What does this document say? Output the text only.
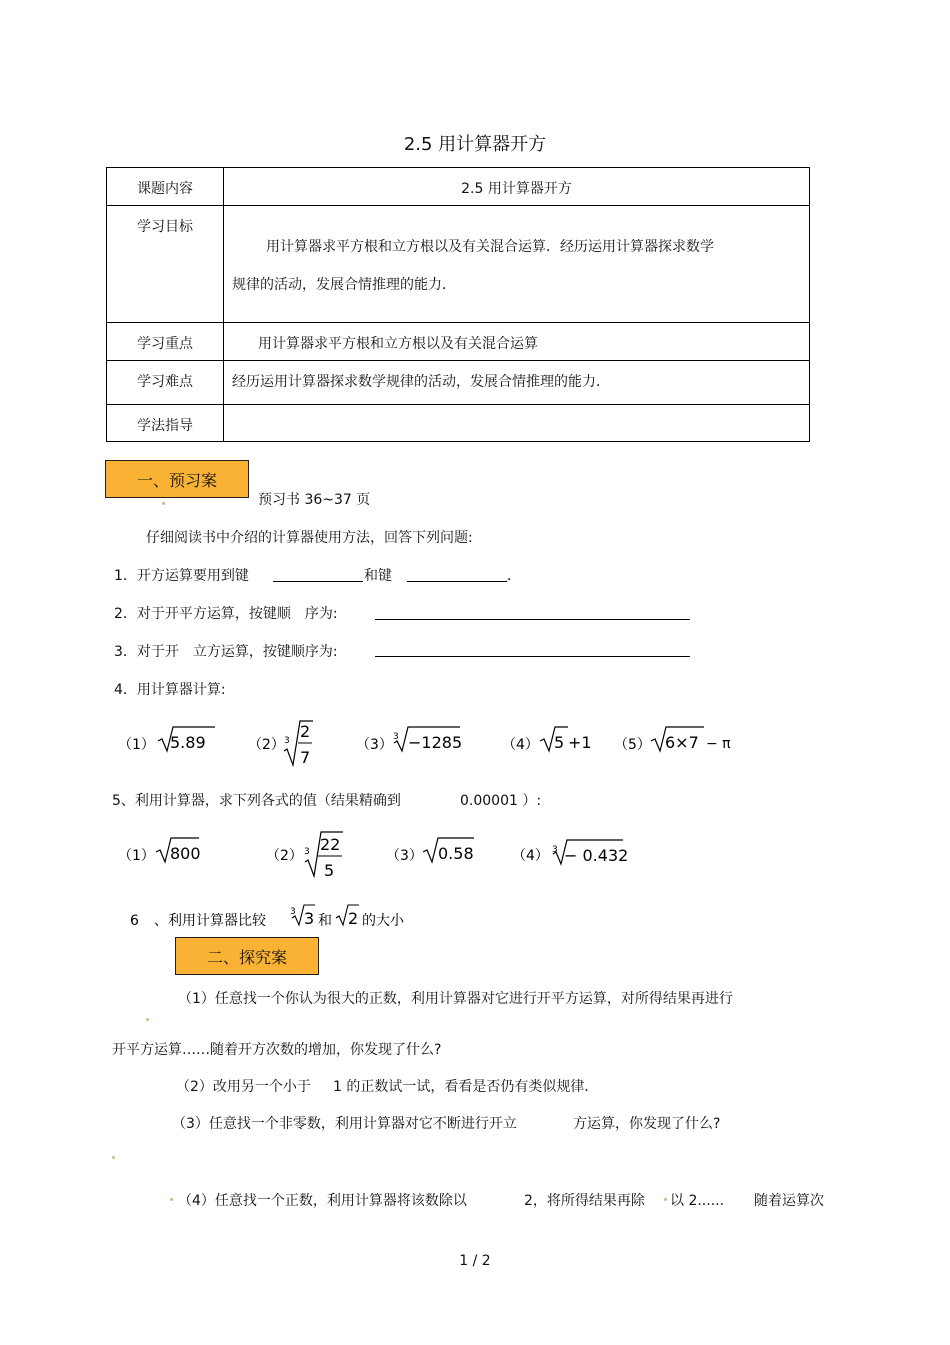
2.5 用计算器开方
课题内容	2.5 用计算器开方
学习目标	用计算器求平方根和立方根以及有关混合运算．经历运用计算器探求数学
规律的活动，发展合情推理的能力．

学习重点	用计算器求平方根和立方根以及有关混合运算
学习难点	经历运用计算器探求数学规律的活动，发展合情推理的能力．
学法指导	
一、预习案
预习书 36~37 页
仔细阅读书中介绍的计算器使用方法，回答下列问题:
1．开方运算要用到键	和键	．
2．对于开平方运算，按键顺　序为:
3．对于开　立方运算，按键顺序为:
4．用计算器计算:
（1） 5.89	（2） 3 2
7
（3） 3 −1285	（4） 5 +1 （5） 6×7 − π
5、利用计算器，求下列各式的值（结果精确到	0.00001 ）:
（1） 800	（2） 3 22
5
（3） 0.58	（4） 3 − 0.432
6 、利用计算器比较
3 3 和 2 的大小
二、探究案
（1）任意找一个你认为很大的正数，利用计算器对它进行开平方运算，对所得结果再进行
开平方运算……随着开方次数的增加，你发现了什么?
（2）改用另一个小于 1 的正数试一试，看看是否仍有类似规律．
（3）任意找一个非零数，利用计算器对它不断进行开立	方运算，你发现了什么?
（4）任意找一个正数，利用计算器将该数除以	2，将所得结果再除 以 2...... 随着运算次
1 / 2
